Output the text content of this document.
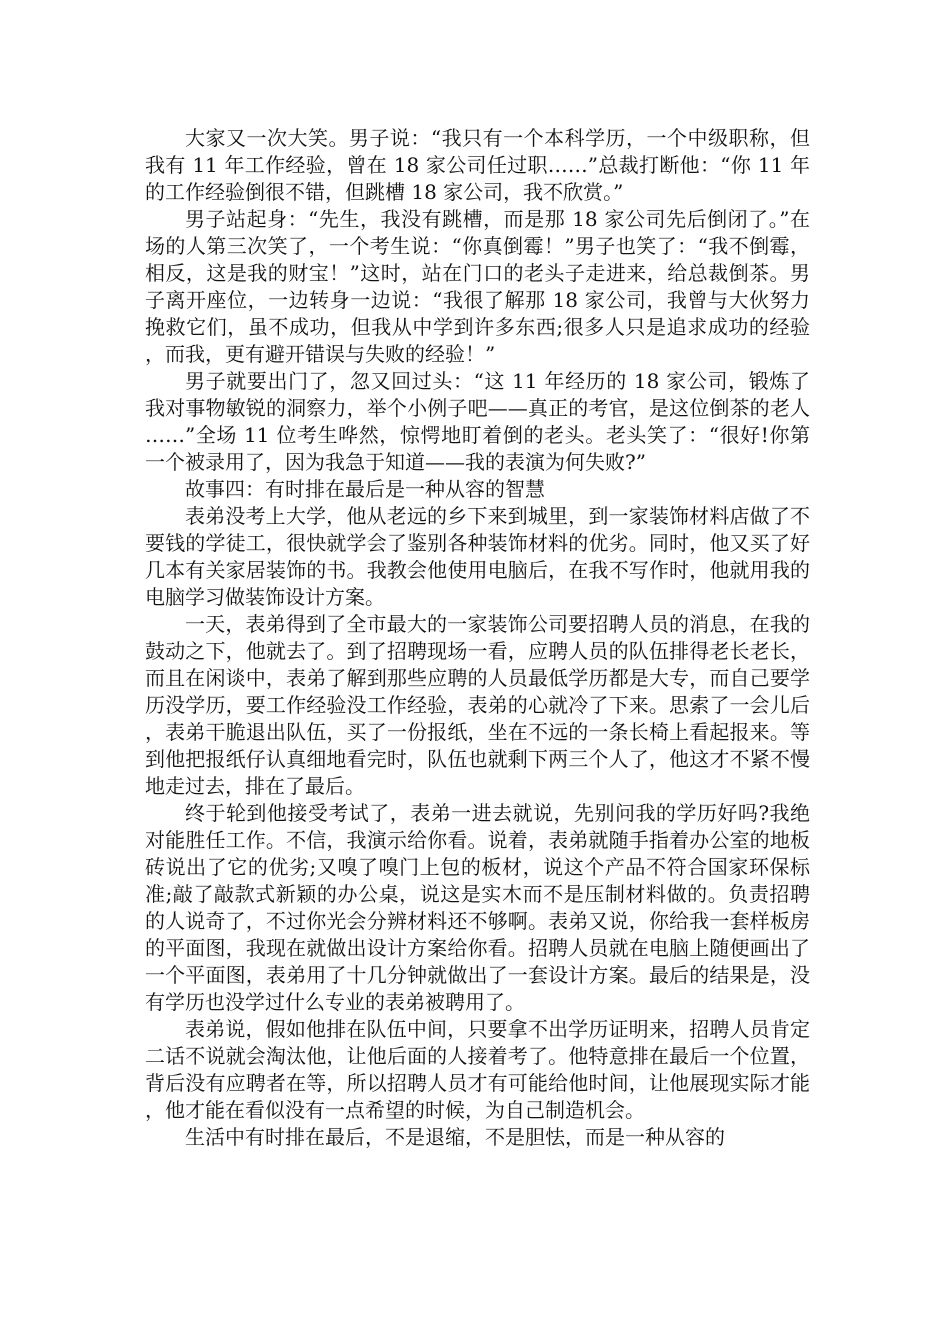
大家又一次大笑。男子说：“我只有一个本科学历，一个中级职称，但我有 11 年工作经验，曾在 18 家公司任过职……”总裁打断他：“你 11 年的工作经验倒很不错，但跳槽 18 家公司，我不欣赏。”

男子站起身：“先生，我没有跳槽，而是那 18 家公司先后倒闭了。”在场的人第三次笑了，一个考生说：“你真倒霉！”男子也笑了：“我不倒霉，相反，这是我的财宝！”这时，站在门口的老头子走进来，给总裁倒茶。男子离开座位，一边转身一边说：“我很了解那 18 家公司，我曾与大伙努力挽救它们，虽不成功，但我从中学到许多东西;很多人只是追求成功的经验，而我，更有避开错误与失败的经验！”

男子就要出门了，忽又回过头：“这 11 年经历的 18 家公司，锻炼了我对事物敏锐的洞察力，举个小例子吧——真正的考官，是这位倒茶的老人……”全场 11 位考生哗然，惊愕地盯着倒的老头。老头笑了：“很好!你第一个被录用了，因为我急于知道——我的表演为何失败?”

故事四：有时排在最后是一种从容的智慧

表弟没考上大学，他从老远的乡下来到城里，到一家装饰材料店做了不要钱的学徒工，很快就学会了鉴别各种装饰材料的优劣。同时，他又买了好几本有关家居装饰的书。我教会他使用电脑后，在我不写作时，他就用我的电脑学习做装饰设计方案。

一天，表弟得到了全市最大的一家装饰公司要招聘人员的消息，在我的鼓动之下，他就去了。到了招聘现场一看，应聘人员的队伍排得老长老长，而且在闲谈中，表弟了解到那些应聘的人员最低学历都是大专，而自己要学历没学历，要工作经验没工作经验，表弟的心就冷了下来。思索了一会儿后，表弟干脆退出队伍，买了一份报纸，坐在不远的一条长椅上看起报来。等到他把报纸仔认真细地看完时，队伍也就剩下两三个人了，他这才不紧不慢地走过去，排在了最后。

终于轮到他接受考试了，表弟一进去就说，先别问我的学历好吗?我绝对能胜任工作。不信，我演示给你看。说着，表弟就随手指着办公室的地板砖说出了它的优劣;又嗅了嗅门上包的板材，说这个产品不符合国家环保标准;敲了敲款式新颖的办公桌，说这是实木而不是压制材料做的。负责招聘的人说奇了，不过你光会分辨材料还不够啊。表弟又说，你给我一套样板房的平面图，我现在就做出设计方案给你看。招聘人员就在电脑上随便画出了一个平面图，表弟用了十几分钟就做出了一套设计方案。最后的结果是，没有学历也没学过什么专业的表弟被聘用了。

表弟说，假如他排在队伍中间，只要拿不出学历证明来，招聘人员肯定二话不说就会淘汰他，让他后面的人接着考了。他特意排在最后一个位置，背后没有应聘者在等，所以招聘人员才有可能给他时间，让他展现实际才能，他才能在看似没有一点希望的时候，为自己制造机会。

生活中有时排在最后，不是退缩，不是胆怯，而是一种从容的
